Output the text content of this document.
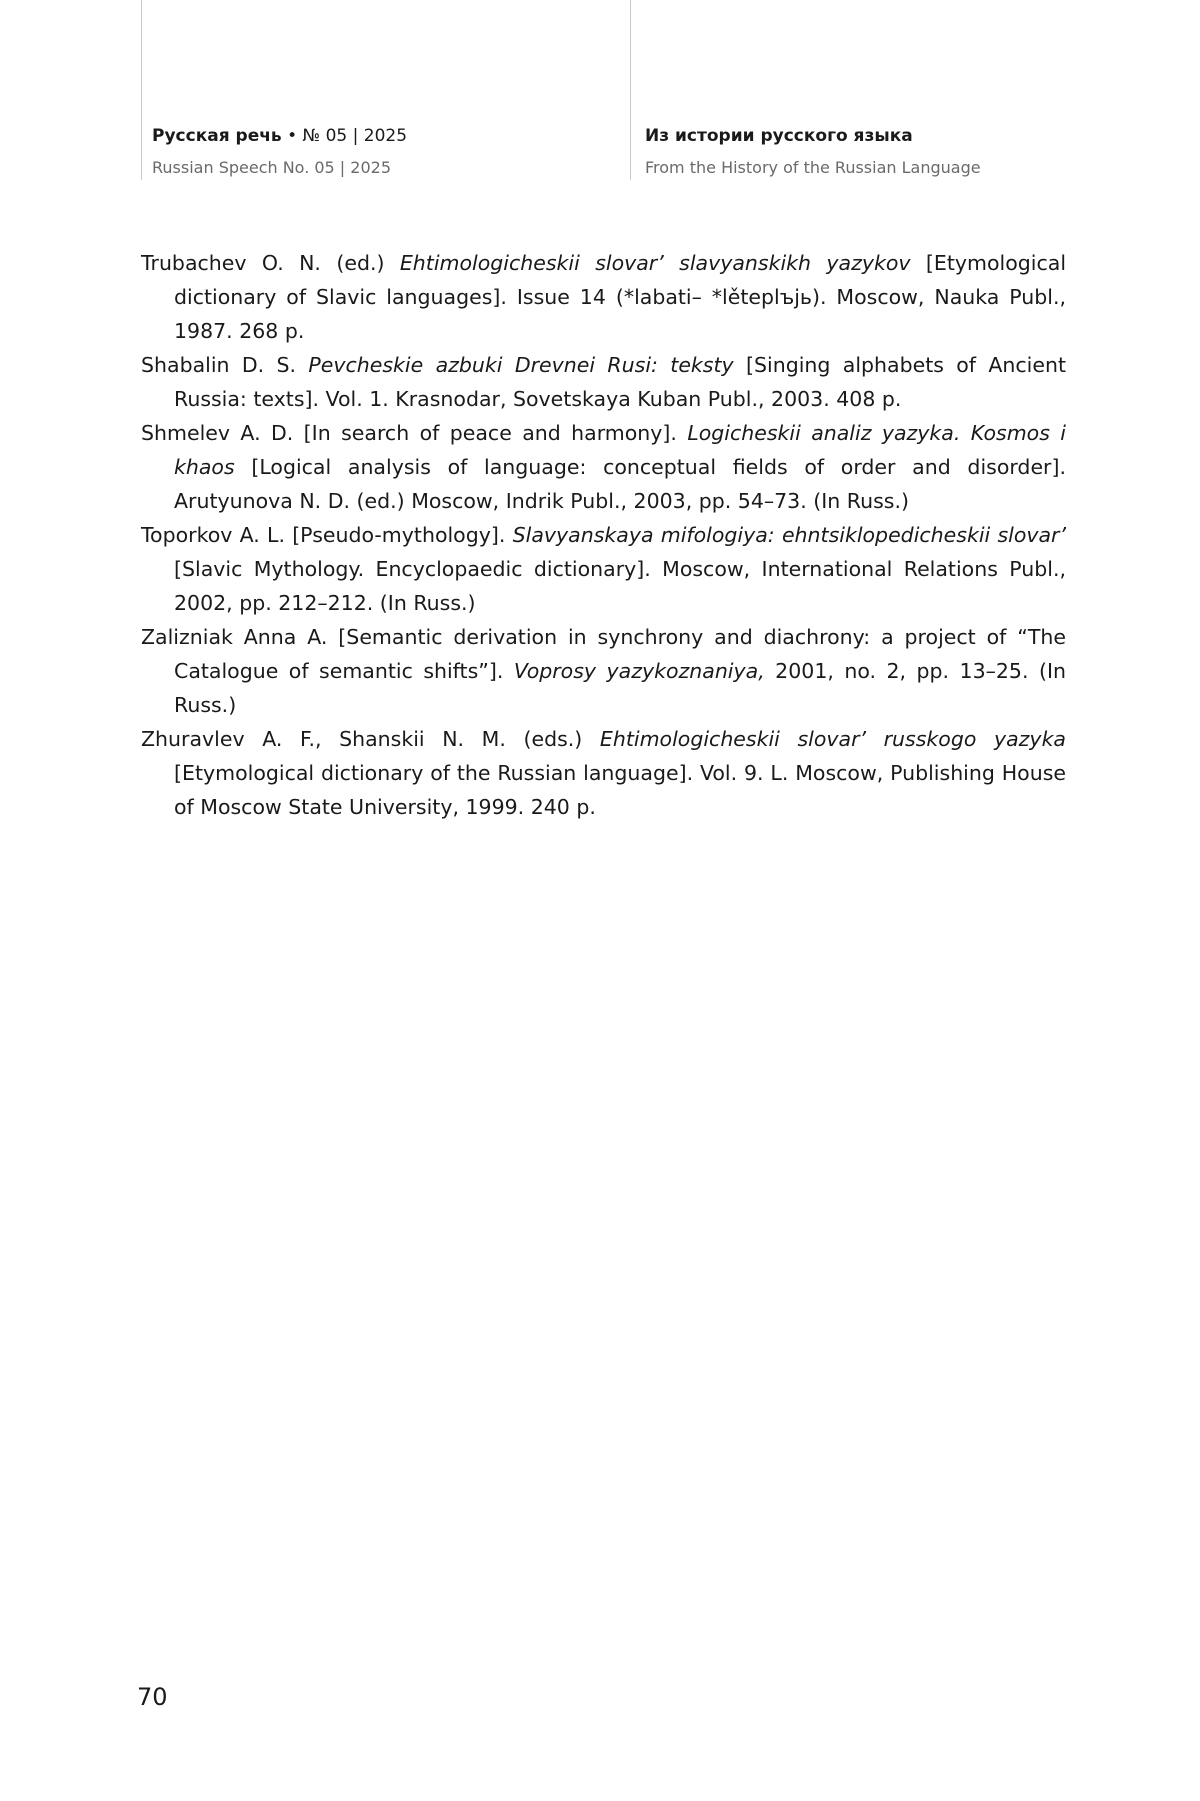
Русская речь • № 05 | 2025
Russian Speech No. 05 | 2025
Из истории русского языка
From the History of the Russian Language
Trubachev O. N. (ed.) Ehtimologicheskii slovar’ slavyanskikh yazykov [Etymological dictionary of Slavic languages]. Issue 14 (*labati– *lěteplъjь). Moscow, Nauka Publ., 1987. 268 p.
Shabalin D. S. Pevcheskie azbuki Drevnei Rusi: teksty [Singing alphabets of Ancient Russia: texts]. Vol. 1. Krasnodar, Sovetskaya Kuban Publ., 2003. 408 p.
Shmelev A. D. [In search of peace and harmony]. Logicheskii analiz yazyka. Kosmos i khaos [Logical analysis of language: conceptual fields of order and disorder]. Arutyunova N. D. (ed.) Moscow, Indrik Publ., 2003, pp. 54–73. (In Russ.)
Toporkov A. L. [Pseudo-mythology]. Slavyanskaya mifologiya: ehntsiklopedicheskii slovar’ [Slavic Mythology. Encyclopaedic dictionary]. Moscow, International Relations Publ., 2002, pp. 212–212. (In Russ.)
Zalizniak Anna A. [Semantic derivation in synchrony and diachrony: a project of “The Catalogue of semantic shifts”]. Voprosy yazykoznaniya, 2001, no. 2, pp. 13–25. (In Russ.)
Zhuravlev A. F., Shanskii N. M. (eds.) Ehtimologicheskii slovar’ russkogo yazyka [Etymological dictionary of the Russian language]. Vol. 9. L. Moscow, Publishing House of Moscow State University, 1999. 240 p.
70
